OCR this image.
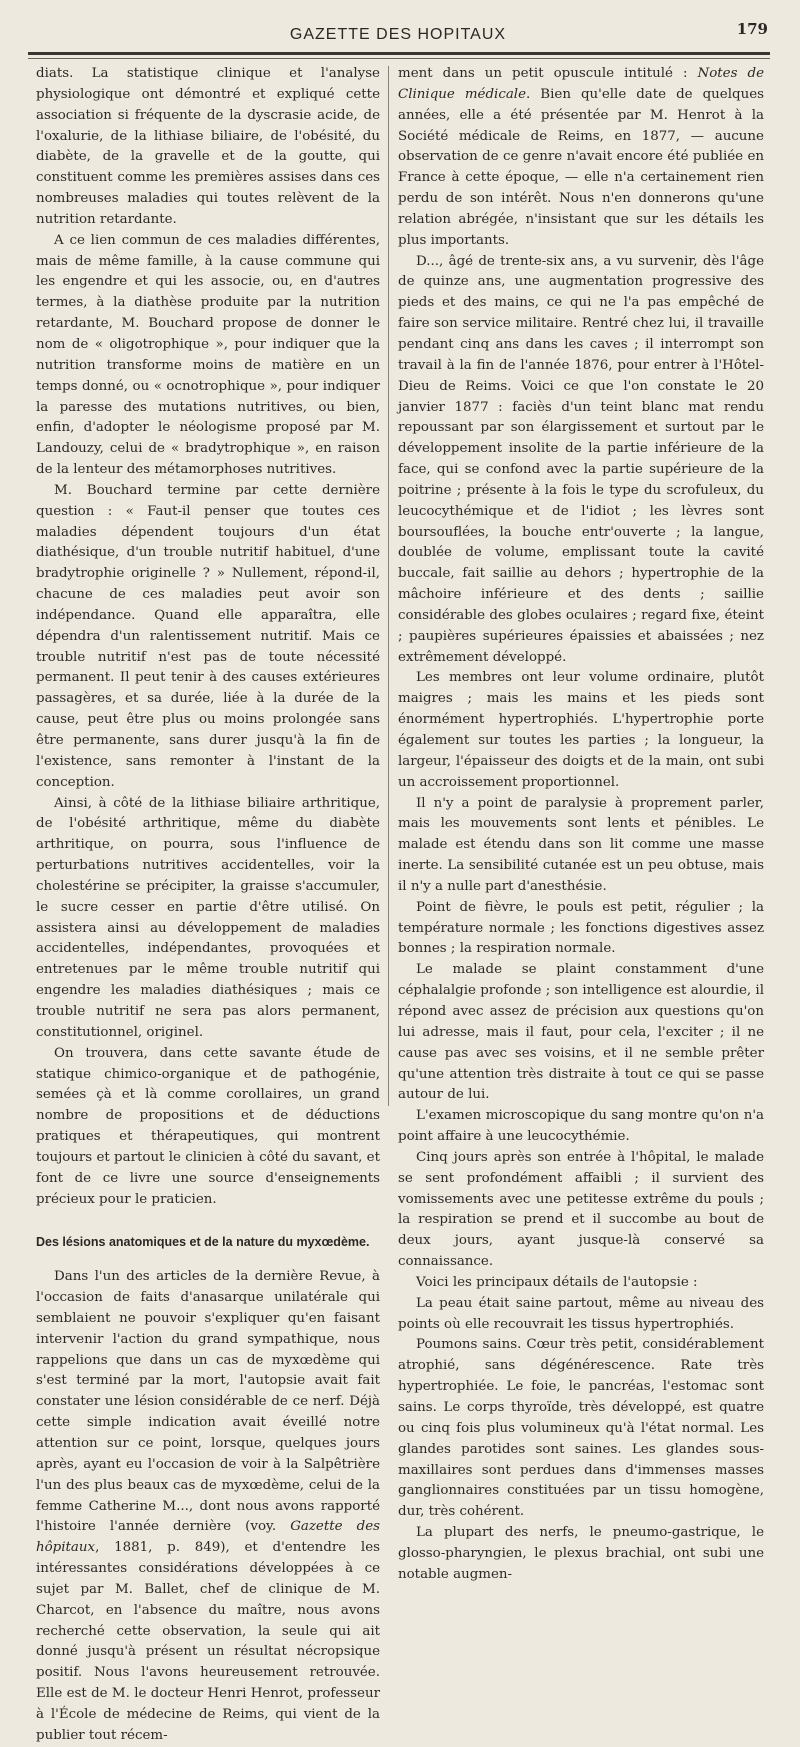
GAZETTE DES HOPITAUX	179

diats. La statistique clinique et l'analyse physiologique ont démontré et expliqué cette association si fréquente de la dyscrasie acide, de l'oxalurie, de la lithiase biliaire, de l'obésité, du diabète, de la gravelle et de la goutte, qui constituent comme les premières assises dans ces nombreuses maladies qui toutes relèvent de la nutrition retardante.

A ce lien commun de ces maladies différentes, mais de même famille, à la cause commune qui les engendre et qui les associe, ou, en d'autres termes, à la diathèse produite par la nutrition retardante, M. Bouchard propose de donner le nom de « oligotrophique », pour indiquer que la nutrition transforme moins de matière en un temps donné, ou « ocnotrophique », pour indiquer la paresse des mutations nutritives, ou bien, enfin, d'adopter le néologisme proposé par M. Landouzy, celui de « bradytrophique », en raison de la lenteur des métamorphoses nutritives.

M. Bouchard termine par cette dernière question : « Faut-il penser que toutes ces maladies dépendent toujours d'un état diathésique, d'un trouble nutritif habituel, d'une bradytrophie originelle ? » Nullement, répond-il, chacune de ces maladies peut avoir son indépendance. Quand elle apparaîtra, elle dépendra d'un ralentissement nutritif. Mais ce trouble nutritif n'est pas de toute nécessité permanent. Il peut tenir à des causes extérieures passagères, et sa durée, liée à la durée de la cause, peut être plus ou moins prolongée sans être permanente, sans durer jusqu'à la fin de l'existence, sans remonter à l'instant de la conception.

Ainsi, à côté de la lithiase biliaire arthritique, de l'obésité arthritique, même du diabète arthritique, on pourra, sous l'influence de perturbations nutritives accidentelles, voir la cholestérine se précipiter, la graisse s'accumuler, le sucre cesser en partie d'être utilisé. On assistera ainsi au développement de maladies accidentelles, indépendantes, provoquées et entretenues par le même trouble nutritif qui engendre les maladies diathésiques ; mais ce trouble nutritif ne sera pas alors permanent, constitutionnel, originel.

On trouvera, dans cette savante étude de statique chimico-organique et de pathogénie, semées çà et là comme corollaires, un grand nombre de propositions et de déductions pratiques et thérapeutiques, qui montrent toujours et partout le clinicien à côté du savant, et font de ce livre une source d'enseignements précieux pour le praticien.

Des lésions anatomiques et de la nature du myxœdème.

Dans l'un des articles de la dernière Revue, à l'occasion de faits d'anasarque unilatérale qui semblaient ne pouvoir s'expliquer qu'en faisant intervenir l'action du grand sympathique, nous rappelions que dans un cas de myxœdème qui s'est terminé par la mort, l'autopsie avait fait constater une lésion considérable de ce nerf. Déjà cette simple indication avait éveillé notre attention sur ce point, lorsque, quelques jours après, ayant eu l'occasion de voir à la Salpêtrière l'un des plus beaux cas de myxœdème, celui de la femme Catherine M..., dont nous avons rapporté l'histoire l'année dernière (voy. Gazette des hôpitaux, 1881, p. 849), et d'entendre les intéressantes considérations développées à ce sujet par M. Ballet, chef de clinique de M. Charcot, en l'absence du maître, nous avons recherché cette observation, la seule qui ait donné jusqu'à présent un résultat nécropsique positif. Nous l'avons heureusement retrouvée. Elle est de M. le docteur Henri Henrot, professeur à l'École de médecine de Reims, qui vient de la publier tout récem-

ment dans un petit opuscule intitulé : Notes de Clinique médicale. Bien qu'elle date de quelques années, elle a été présentée par M. Henrot à la Société médicale de Reims, en 1877, — aucune observation de ce genre n'avait encore été publiée en France à cette époque, — elle n'a certainement rien perdu de son intérêt. Nous n'en donnerons qu'une relation abrégée, n'insistant que sur les détails les plus importants.

D..., âgé de trente-six ans, a vu survenir, dès l'âge de quinze ans, une augmentation progressive des pieds et des mains, ce qui ne l'a pas empêché de faire son service militaire. Rentré chez lui, il travaille pendant cinq ans dans les caves ; il interrompt son travail à la fin de l'année 1876, pour entrer à l'Hôtel-Dieu de Reims. Voici ce que l'on constate le 20 janvier 1877 : faciès d'un teint blanc mat rendu repoussant par son élargissement et surtout par le développement insolite de la partie inférieure de la face, qui se confond avec la partie supérieure de la poitrine ; présente à la fois le type du scrofuleux, du leucocythémique et de l'idiot ; les lèvres sont boursouflées, la bouche entr'ouverte ; la langue, doublée de volume, emplissant toute la cavité buccale, fait saillie au dehors ; hypertrophie de la mâchoire inférieure et des dents ; saillie considérable des globes oculaires ; regard fixe, éteint ; paupières supérieures épaissies et abaissées ; nez extrêmement développé.

Les membres ont leur volume ordinaire, plutôt maigres ; mais les mains et les pieds sont énormément hypertrophiés. L'hypertrophie porte également sur toutes les parties ; la longueur, la largeur, l'épaisseur des doigts et de la main, ont subi un accroissement proportionnel.

Il n'y a point de paralysie à proprement parler, mais les mouvements sont lents et pénibles. Le malade est étendu dans son lit comme une masse inerte. La sensibilité cutanée est un peu obtuse, mais il n'y a nulle part d'anesthésie.

Point de fièvre, le pouls est petit, régulier ; la température normale ; les fonctions digestives assez bonnes ; la respiration normale.

Le malade se plaint constamment d'une céphalalgie profonde ; son intelligence est alourdie, il répond avec assez de précision aux questions qu'on lui adresse, mais il faut, pour cela, l'exciter ; il ne cause pas avec ses voisins, et il ne semble prêter qu'une attention très distraite à tout ce qui se passe autour de lui.

L'examen microscopique du sang montre qu'on n'a point affaire à une leucocythémie.

Cinq jours après son entrée à l'hôpital, le malade se sent profondément affaibli ; il survient des vomissements avec une petitesse extrême du pouls ; la respiration se prend et il succombe au bout de deux jours, ayant jusque-là conservé sa connaissance.

Voici les principaux détails de l'autopsie :

La peau était saine partout, même au niveau des points où elle recouvrait les tissus hypertrophiés.

Poumons sains. Cœur très petit, considérablement atrophié, sans dégénérescence. Rate très hypertrophiée. Le foie, le pancréas, l'estomac sont sains. Le corps thyroïde, très développé, est quatre ou cinq fois plus volumineux qu'à l'état normal. Les glandes parotides sont saines. Les glandes sous-maxillaires sont perdues dans d'immenses masses ganglionnaires constituées par un tissu homogène, dur, très cohérent.

La plupart des nerfs, le pneumo-gastrique, le glosso-pharyngien, le plexus brachial, ont subi une notable augmen-
